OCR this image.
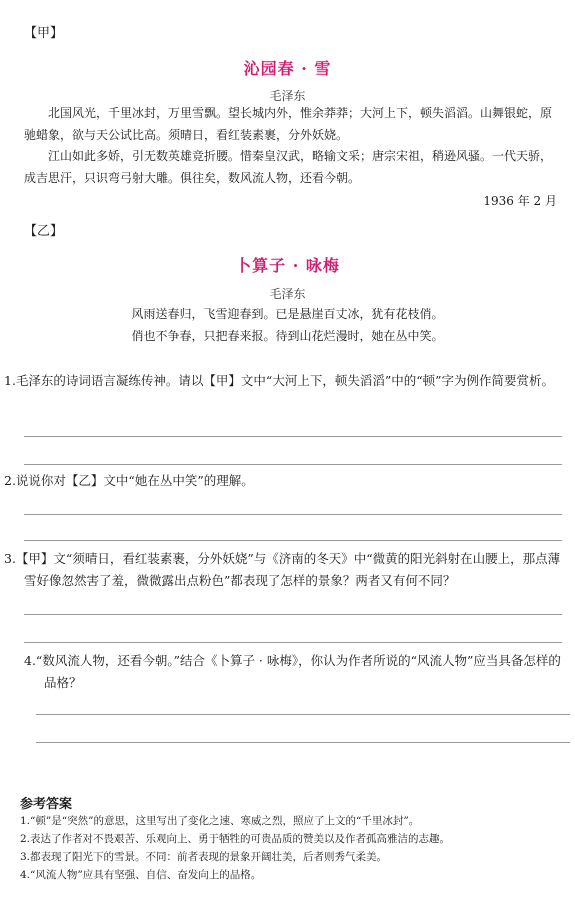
【甲】
沁园春 · 雪
毛泽东
北国风光，千里冰封，万里雪飘。望长城内外，惟余莽莽；大河上下，顿失滔滔。山舞银蛇，原驰蜡象，欲与天公试比高。须晴日，看红装素裹，分外妖娆。
江山如此多娇，引无数英雄竞折腰。惜秦皇汉武，略输文采；唐宗宋祖，稍逊风骚。一代天骄，成吉思汗，只识弯弓射大雕。俱往矣，数风流人物，还看今朝。
1936 年 2 月
【乙】
卜算子 · 咏梅
毛泽东
风雨送春归，飞雪迎春到。已是悬崖百丈冰，犹有花枝俏。
俏也不争春，只把春来报。待到山花烂漫时，她在丛中笑。
1.毛泽东的诗词语言凝练传神。请以【甲】文中“大河上下，顿失滔滔”中的“顿”字为例作简要赏析。
2.说说你对【乙】文中“她在丛中笑”的理解。
3.【甲】文“须晴日，看红装素裹，分外妖娆”与《济南的冬天》中“微黄的阳光斜射在山腰上，那点薄雪好像忽然害了羞，微微露出点粉色”都表现了怎样的景象？两者又有何不同？
4.“数风流人物，还看今朝。”结合《卜算子 · 咏梅》，你认为作者所说的“风流人物”应当具备怎样的品格？
参考答案
1.“顿”是“突然”的意思，这里写出了变化之速、寒威之烈，照应了上文的“千里冰封”。
2.表达了作者对不畏艰苦、乐观向上、勇于牺牲的可贵品质的赞美以及作者孤高雅洁的志趣。
3.都表现了阳光下的雪景。不同：前者表现的景象开阔壮美，后者则秀气柔美。
4.“风流人物”应具有坚强、自信、奋发向上的品格。
